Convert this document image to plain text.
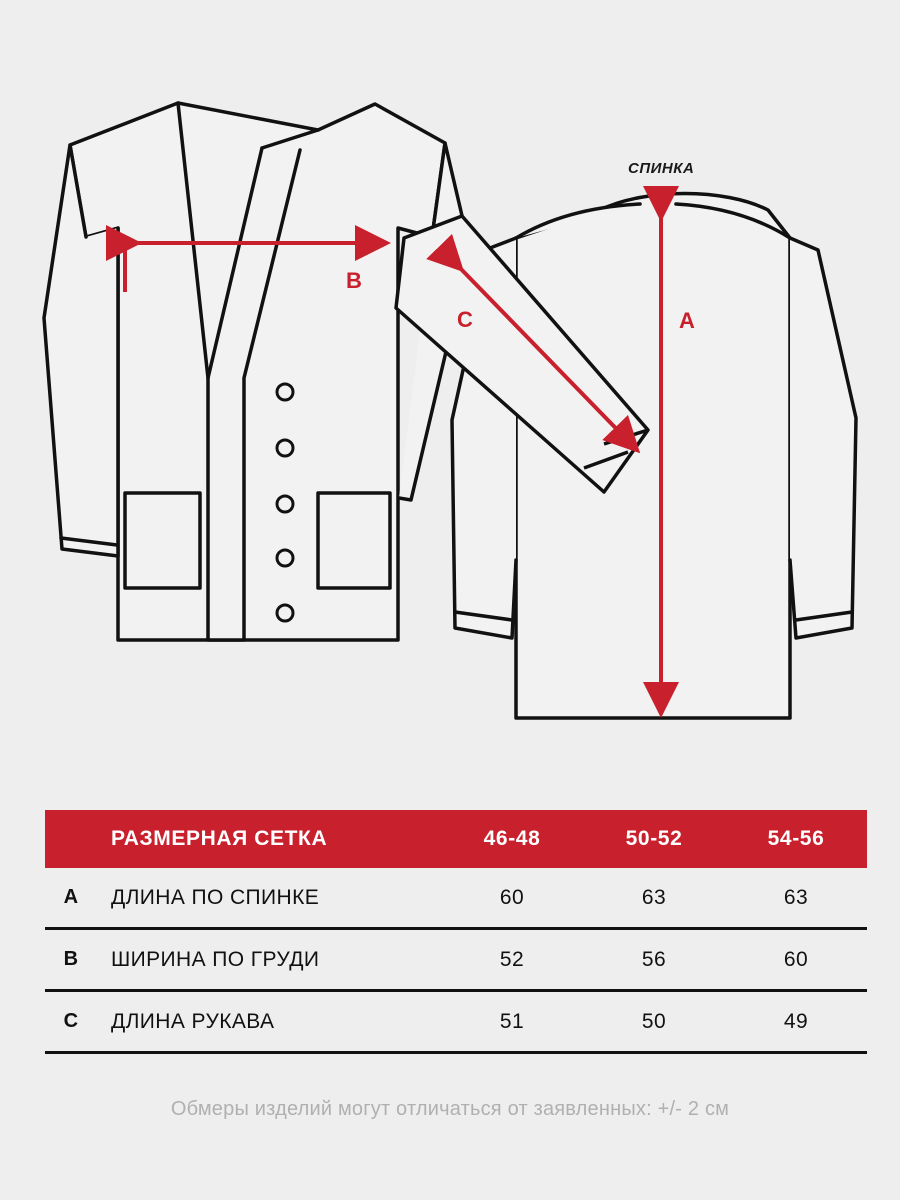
B
C	A
СПИНКА
	РАЗМЕРНАЯ СЕТКА	46-48	50-52	54-56
A	ДЛИНА ПО СПИНКЕ	60	63	63
B	ШИРИНА ПО ГРУДИ	52	56	60
C	ДЛИНА РУКАВА	51	50	49
Обмеры изделий могут отличаться от заявленных: +/- 2 см
